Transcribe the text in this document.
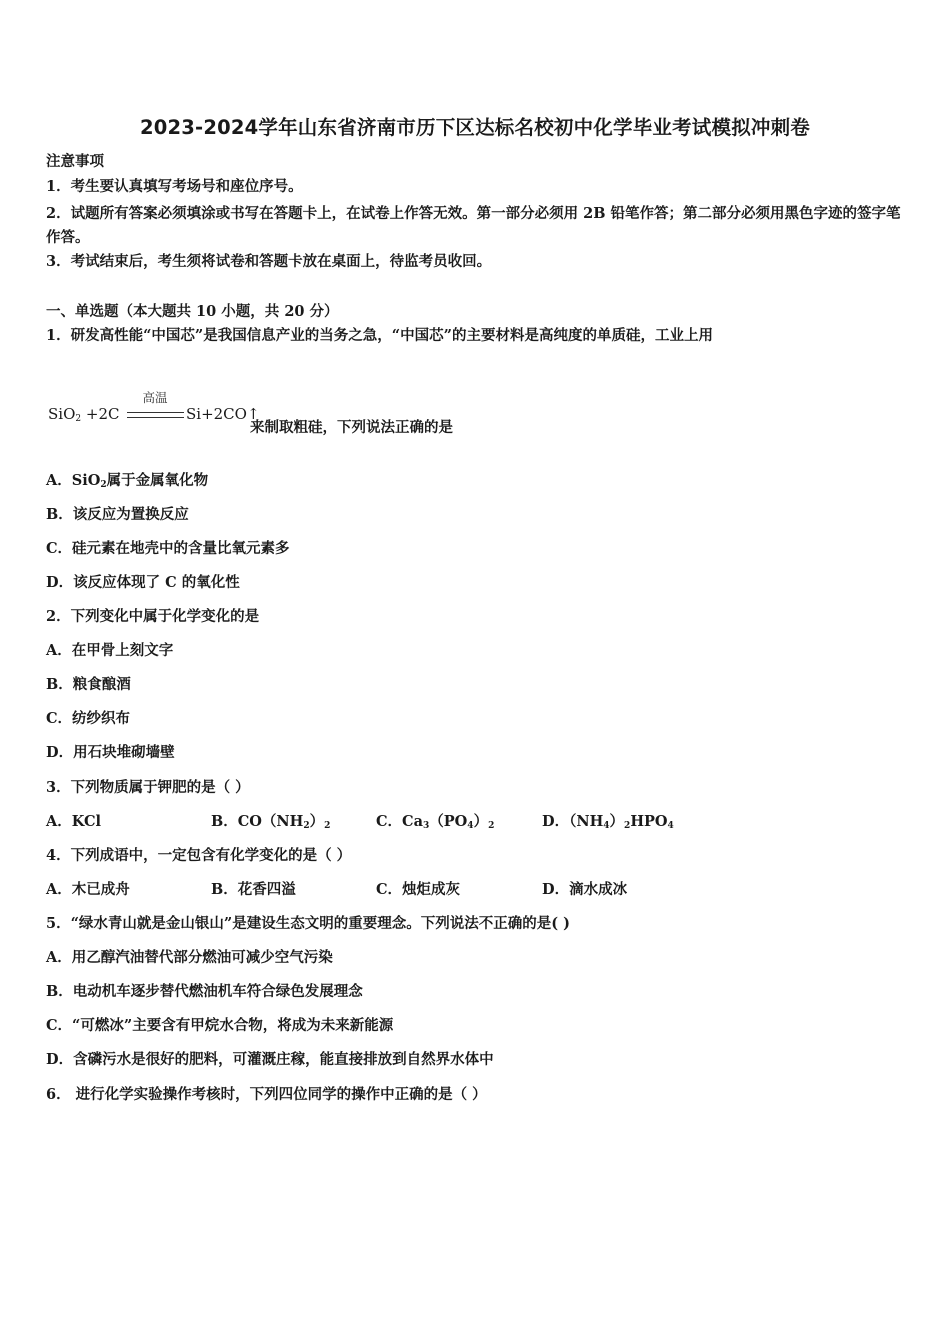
2023-2024学年山东省济南市历下区达标名校初中化学毕业考试模拟冲刺卷
注意事项
1．考生要认真填写考场号和座位序号。
2．试题所有答案必须填涂或书写在答题卡上，在试卷上作答无效。第一部分必须用 2B 铅笔作答；第二部分必须用黑色字迹的签字笔作答。
3．考试结束后，考生须将试卷和答题卡放在桌面上，待监考员收回。
一、单选题（本大题共 10 小题，共 20 分）
1．研发高性能“中国芯”是我国信息产业的当务之急，“中国芯”的主要材料是高纯度的单质硅，工业上用
SiO$_2$ +2C
高温
Si+2CO↑
来制取粗硅，下列说法正确的是
A．SiO$_2$属于金属氧化物
B．该反应为置换反应
C．硅元素在地壳中的含量比氧元素多
D．该反应体现了 C 的氧化性
2．下列变化中属于化学变化的是
A．在甲骨上刻文字
B．粮食酿酒
C．纺纱织布
D．用石块堆砌墙壁
3．下列物质属于钾肥的是（ ）
A．KCl	B．$CO(NH_2)_2$	C．$Ca_3(PO_4)_2$	D．$(NH_4)_2HPO_4$
4．下列成语中，一定包含有化学变化的是（ ）
A．木已成舟	B．花香四溢	C．烛炬成灰	D．滴水成冰
5．“绿水青山就是金山银山”是建设生态文明的重要理念。下列说法不正确的是( )
A．用乙醇汽油替代部分燃油可减少空气污染
B．电动机车逐步替代燃油机车符合绿色发展理念
C．“可燃冰”主要含有甲烷水合物，将成为未来新能源
D．含磷污水是很好的肥料，可灌溉庄稼，能直接排放到自然界水体中
6． 进行化学实验操作考核时，下列四位同学的操作中正确的是（ ）
